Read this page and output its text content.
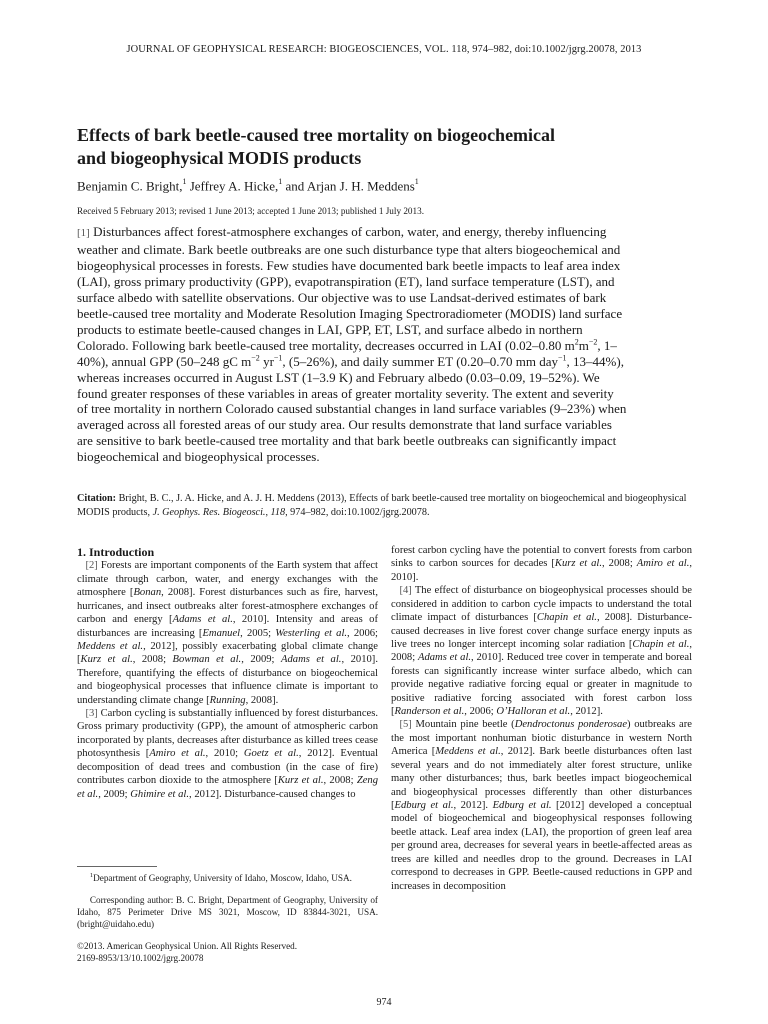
JOURNAL OF GEOPHYSICAL RESEARCH: BIOGEOSCIENCES, VOL. 118, 974–982, doi:10.1002/jgrg.20078, 2013
Effects of bark beetle-caused tree mortality on biogeochemical
and biogeophysical MODIS products
Benjamin C. Bright,$^1$ Jeffrey A. Hicke,$^1$ and Arjan J. H. Meddens$^1$
Received 5 February 2013; revised 1 June 2013; accepted 1 June 2013; published 1 July 2013.

[1] Disturbances affect forest-atmosphere exchanges of carbon, water, and energy, thereby influencing weather and climate. Bark beetle outbreaks are one such disturbance type that alters biogeochemical and biogeophysical processes in forests. Few studies have documented bark beetle impacts to leaf area index (LAI), gross primary productivity (GPP), evapotranspiration (ET), land surface temperature (LST), and surface albedo with satellite observations. Our objective was to use Landsat-derived estimates of bark beetle-caused tree mortality and Moderate Resolution Imaging Spectroradiometer (MODIS) land surface products to estimate beetle-caused changes in LAI, GPP, ET, LST, and surface albedo in northern Colorado. Following bark beetle-caused tree mortality, decreases occurred in LAI (0.02–0.80 $m^2m^{-2}$, 1–40%), annual GPP (50–248 gC $m^{-2}$ $yr^{-1}$, (5–26%), and daily summer ET (0.20–0.70 mm day$^{-1}$, 13–44%), whereas increases occurred in August LST (1–3.9 K) and February albedo (0.03–0.09, 19–52%). We found greater responses of these variables in areas of greater mortality severity. The extent and severity of tree mortality in northern Colorado caused substantial changes in land surface variables (9–23%) when averaged across all forested areas of our study area. Our results demonstrate that land surface variables are sensitive to bark beetle-caused tree mortality and that bark beetle outbreaks can significantly impact biogeochemical and biogeophysical processes.

Citation: Bright, B. C., J. A. Hicke, and A. J. H. Meddens (2013), Effects of bark beetle-caused tree mortality on biogeochemical and biogeophysical MODIS products, J. Geophys. Res. Biogeosci., 118, 974–982, doi:10.1002/jgrg.20078.

1. Introduction

[2] Forests are important components of the Earth system that affect climate through carbon, water, and energy exchanges with the atmosphere [Bonan, 2008]. Forest disturbances such as fire, harvest, hurricanes, and insect outbreaks alter forest-atmosphere exchanges of carbon and energy [Adams et al., 2010]. Intensity and areas of disturbances are increasing [Emanuel, 2005; Westerling et al., 2006; Meddens et al., 2012], possibly exacerbating global climate change [Kurz et al., 2008; Bowman et al., 2009; Adams et al., 2010]. Therefore, quantifying the effects of disturbance on biogeochemical and biogeophysical processes that influence climate is important to understanding climate change [Running, 2008].

[3] Carbon cycling is substantially influenced by forest disturbances. Gross primary productivity (GPP), the amount of atmospheric carbon incorporated by plants, decreases after disturbance as killed trees cease photosynthesis [Amiro et al., 2010; Goetz et al., 2012]. Eventual decomposition of dead trees and combustion (in the case of fire) contributes carbon dioxide to the atmosphere [Kurz et al., 2008; Zeng et al., 2009; Ghimire et al., 2012]. Disturbance-caused changes to

$^1$Department of Geography, University of Idaho, Moscow, Idaho, USA.

Corresponding author: B. C. Bright, Department of Geography, University of Idaho, 875 Perimeter Drive MS 3021, Moscow, ID 83844-3021, USA. (bright@uidaho.edu)

©2013. American Geophysical Union. All Rights Reserved.
2169-8953/13/10.1002/jgrg.20078

forest carbon cycling have the potential to convert forests from carbon sinks to carbon sources for decades [Kurz et al., 2008; Amiro et al., 2010].

[4] The effect of disturbance on biogeophysical processes should be considered in addition to carbon cycle impacts to understand the total climate impact of disturbances [Chapin et al., 2008]. Disturbance-caused decreases in live forest cover change surface energy inputs as live trees no longer intercept incoming solar radiation [Chapin et al., 2008; Adams et al., 2010]. Reduced tree cover in temperate and boreal forests can significantly increase winter surface albedo, which can provide negative radiative forcing equal or greater in magnitude to positive radiative forcing associated with forest carbon loss [Randerson et al., 2006; O’Halloran et al., 2012].

[5] Mountain pine beetle (Dendroctonus ponderosae) outbreaks are the most important nonhuman biotic disturbance in western North America [Meddens et al., 2012]. Bark beetle disturbances often last several years and do not immediately alter forest structure, unlike many other disturbances; thus, bark beetles impact biogeochemical and biogeophysical processes differently than other disturbances [Edburg et al., 2012]. Edburg et al. [2012] developed a conceptual model of biogeochemical and biogeophysical responses following beetle attack. Leaf area index (LAI), the proportion of green leaf area per ground area, decreases for several years in beetle-affected areas as trees are killed and needles drop to the ground. Decreases in LAI correspond to decreases in GPP. Beetle-caused reductions in GPP and increases in decomposition

974
